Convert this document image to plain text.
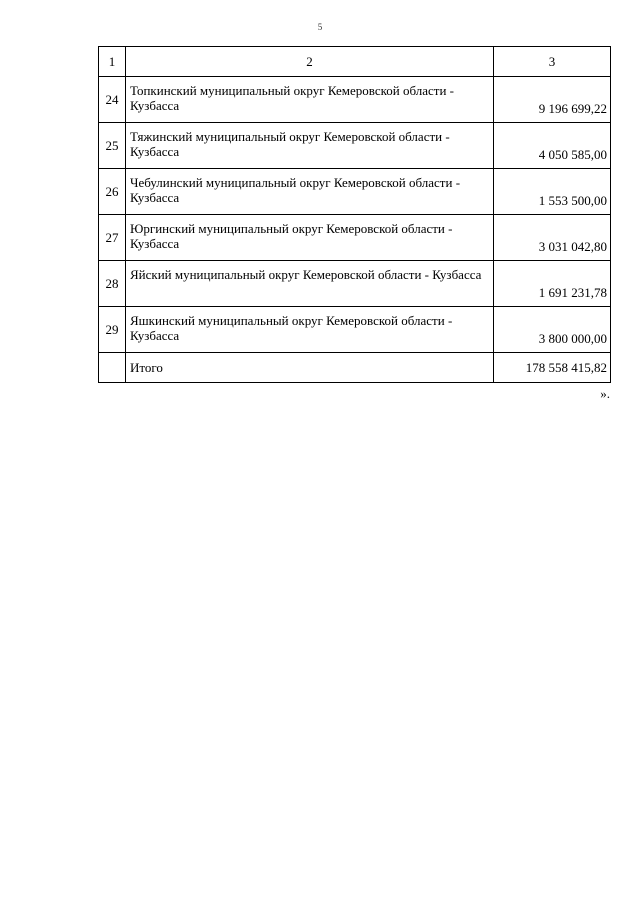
5
1	2	3
24	Топкинский муниципальный округ Кемеровской области - Кузбасса	9 196 699,22
25	Тяжинский муниципальный округ Кемеровской области - Кузбасса	4 050 585,00
26	Чебулинский муниципальный округ Кемеровской области - Кузбасса	1 553 500,00
27	Юргинский муниципальный округ Кемеровской области - Кузбасса	3 031 042,80
28	Яйский муниципальный округ Кемеровской области - Кузбасса	1 691 231,78
29	Яшкинский муниципальный округ Кемеровской области - Кузбасса	3 800 000,00
	Итого	178 558 415,82
».
